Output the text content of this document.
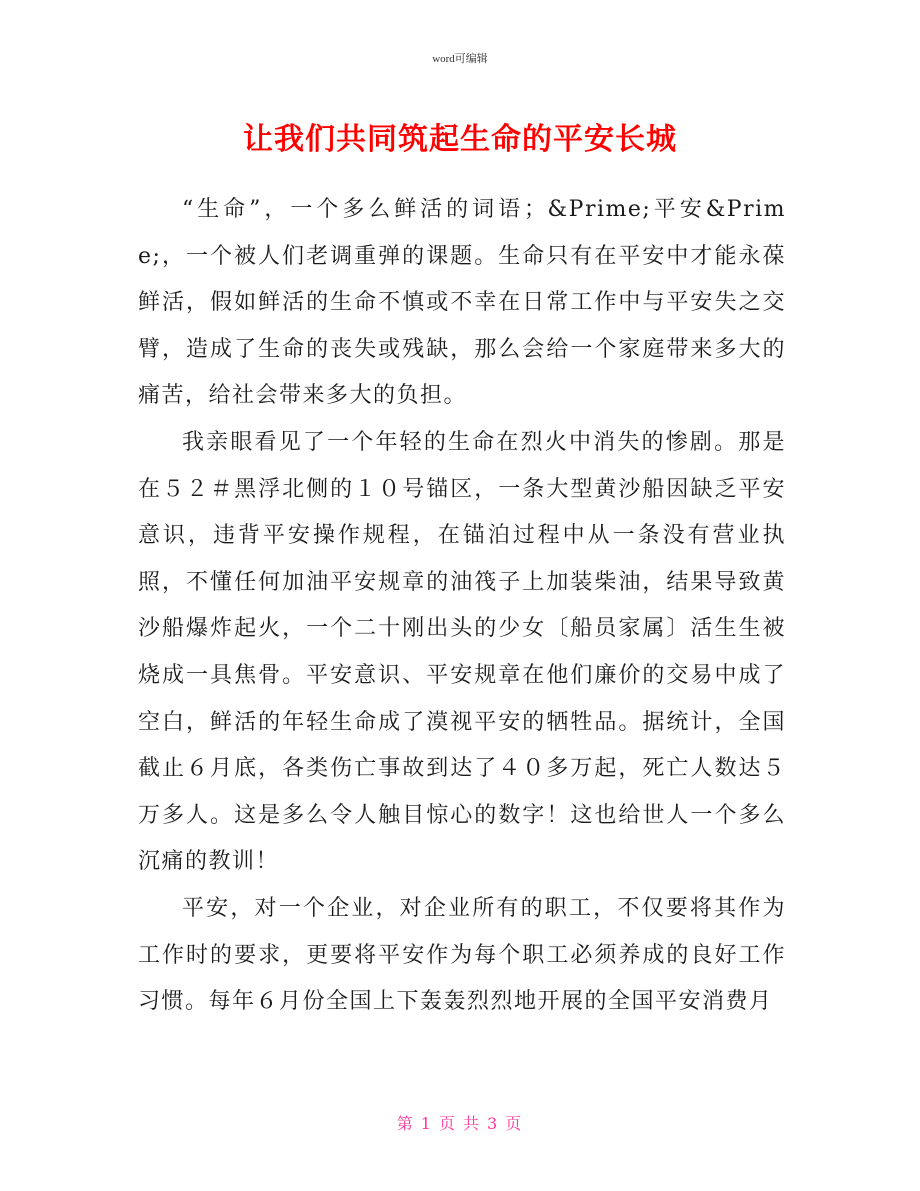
word可编辑
让我们共同筑起生命的平安长城

“生命”，一个多么鲜活的词语；&Prime;平安&Prime;，一个被人们老调重弹的课题。生命只有在平安中才能永葆鲜活，假如鲜活的生命不慎或不幸在日常工作中与平安失之交臂，造成了生命的丧失或残缺，那么会给一个家庭带来多大的痛苦，给社会带来多大的负担。

我亲眼看见了一个年轻的生命在烈火中消失的惨剧。那是在５２＃黑浮北侧的１０号锚区，一条大型黄沙船因缺乏平安意识，违背平安操作规程，在锚泊过程中从一条没有营业执照，不懂任何加油平安规章的油筏子上加装柴油，结果导致黄沙船爆炸起火，一个二十刚出头的少女〔船员家属〕活生生被烧成一具焦骨。平安意识、平安规章在他们廉价的交易中成了空白，鲜活的年轻生命成了漠视平安的牺牲品。据统计，全国截止６月底，各类伤亡事故到达了４０多万起，死亡人数达５万多人。这是多么令人触目惊心的数字！这也给世人一个多么沉痛的教训！

平安，对一个企业，对企业所有的职工，不仅要将其作为工作时的要求，更要将平安作为每个职工必须养成的良好工作习惯。每年６月份全国上下轰轰烈烈地开展的全国平安消费月

第 1 页 共 3 页
